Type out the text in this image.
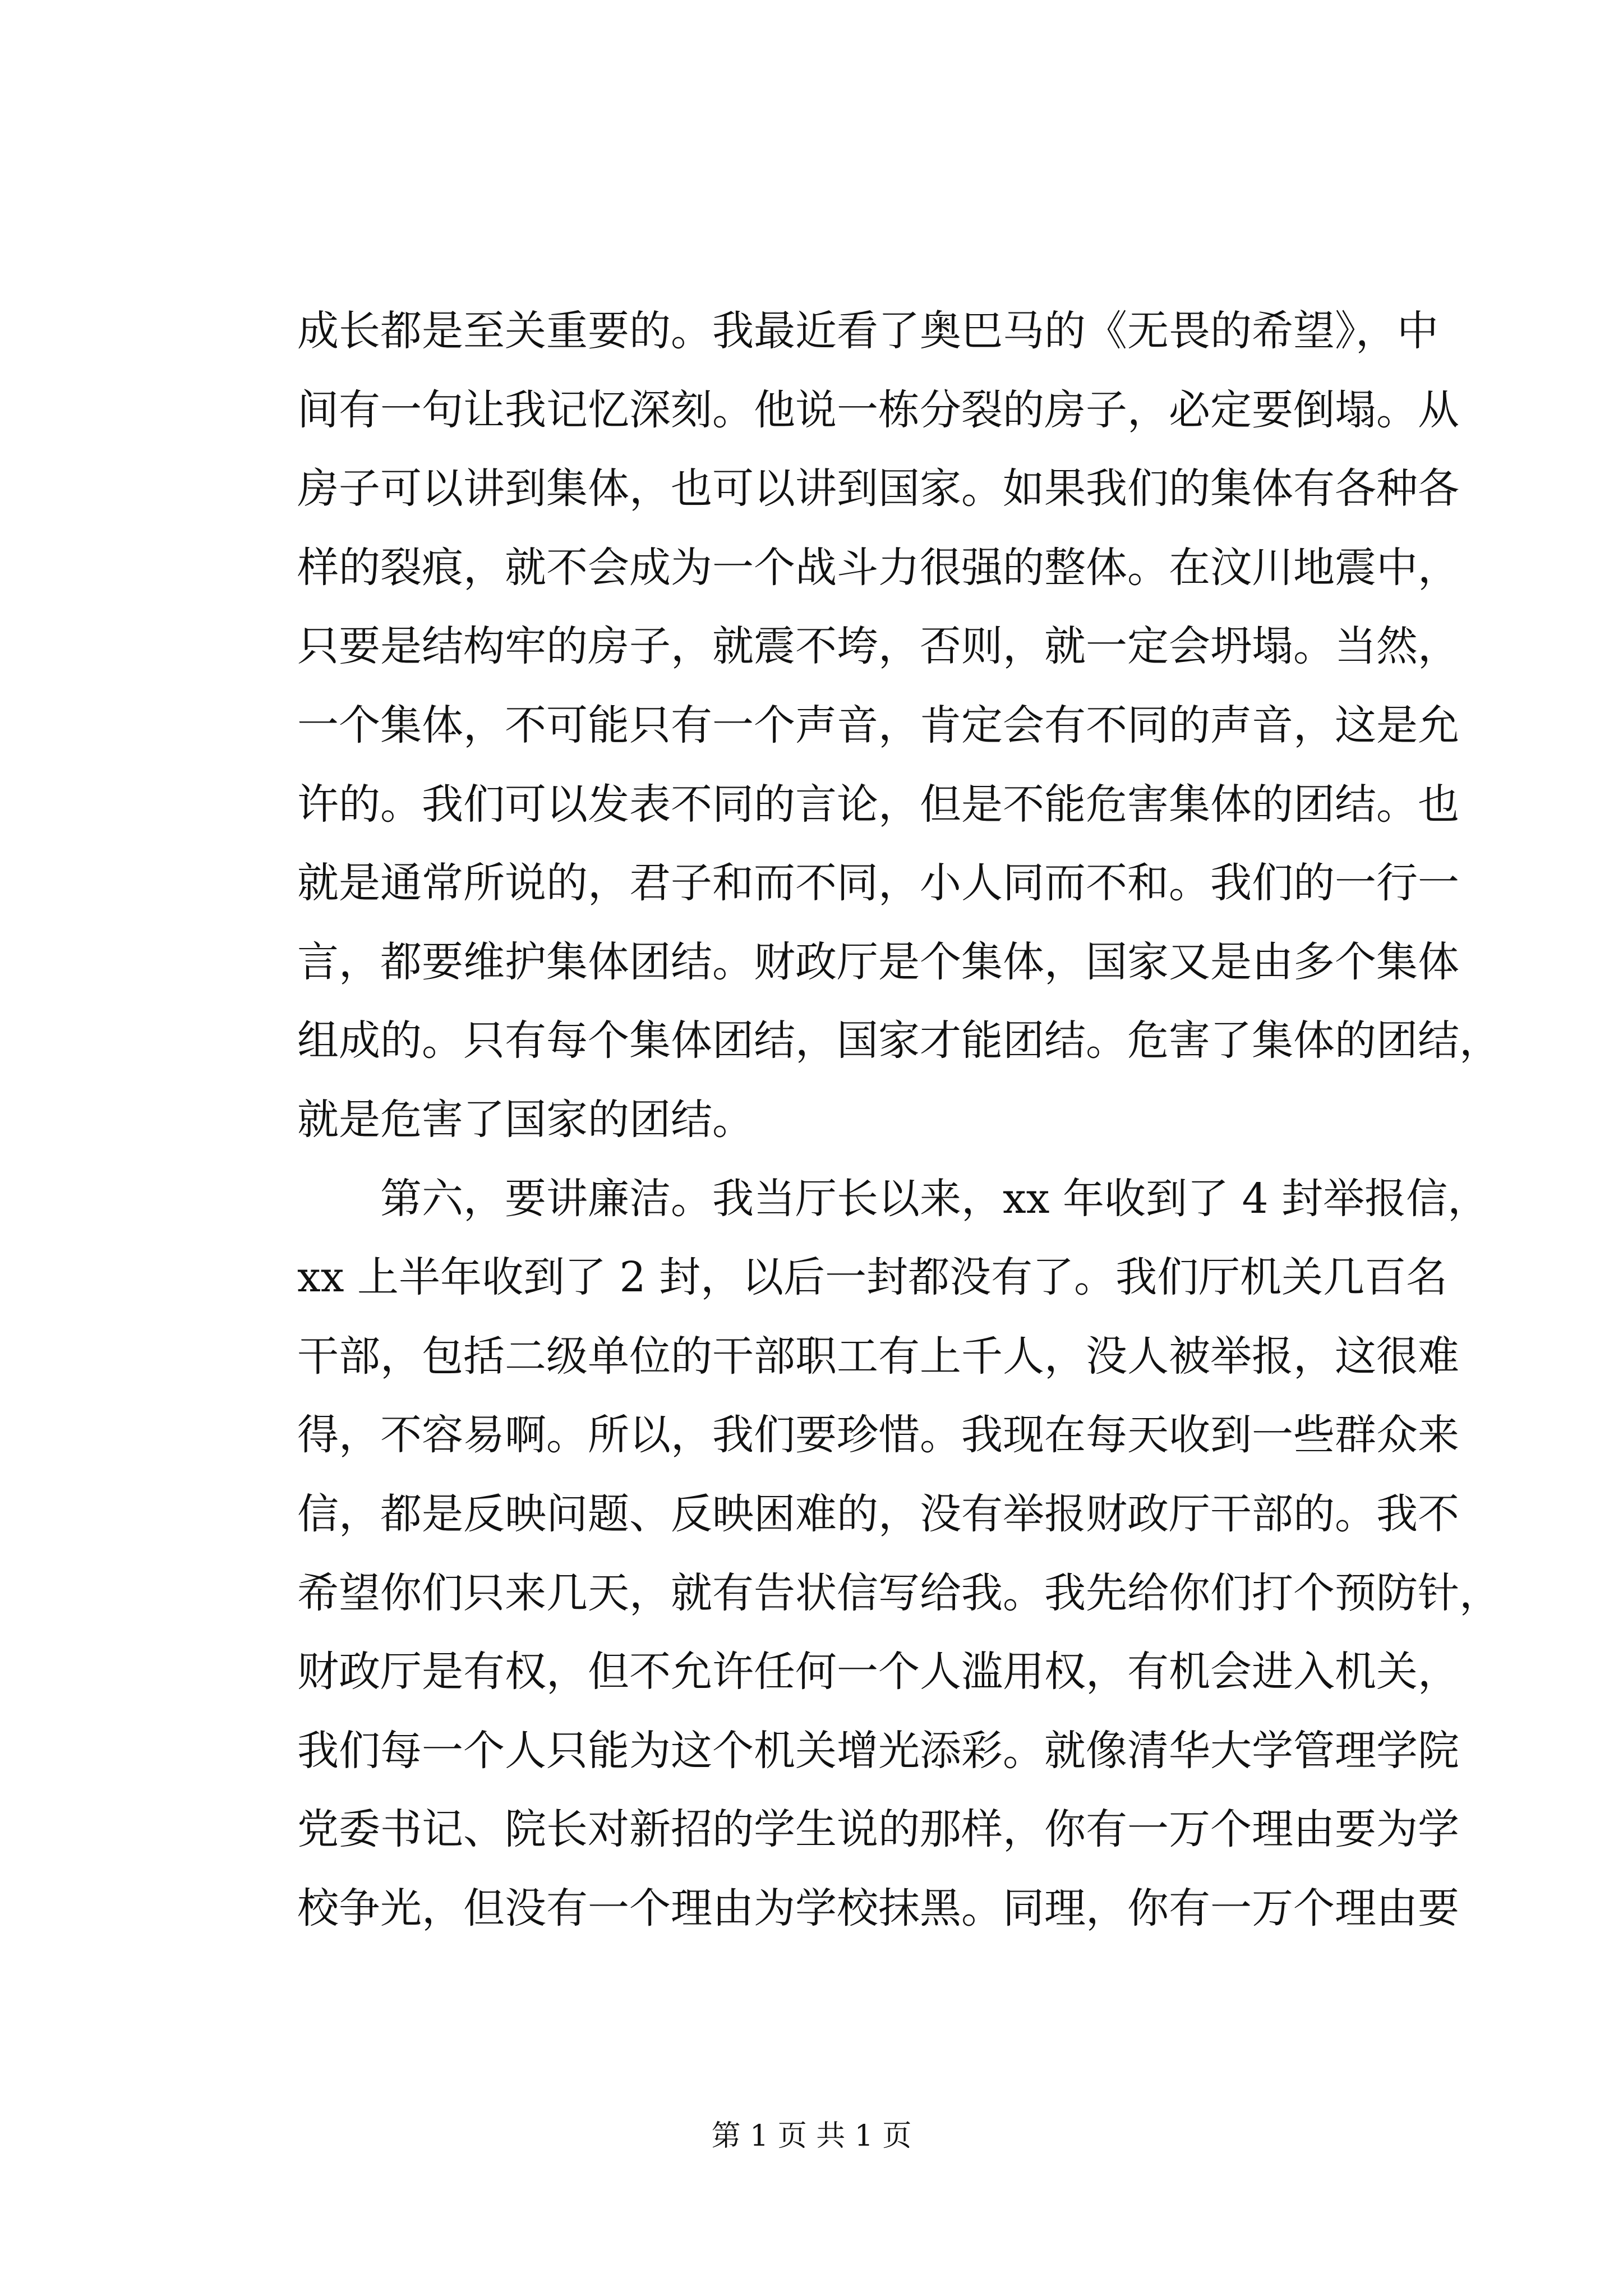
成长都是至关重要的。我最近看了奥巴马的《无畏的希望》，中
间有一句让我记忆深刻。他说一栋分裂的房子，必定要倒塌。从
房子可以讲到集体，也可以讲到国家。如果我们的集体有各种各
样的裂痕，就不会成为一个战斗力很强的整体。在汶川地震中，
只要是结构牢的房子，就震不垮，否则，就一定会坍塌。当然，
一个集体，不可能只有一个声音，肯定会有不同的声音，这是允
许的。我们可以发表不同的言论，但是不能危害集体的团结。也
就是通常所说的，君子和而不同，小人同而不和。我们的一行一
言，都要维护集体团结。财政厅是个集体，国家又是由多个集体
组成的。只有每个集体团结，国家才能团结。危害了集体的团结，
就是危害了国家的团结。
第六，要讲廉洁。我当厅长以来，xx 年收到了 4 封举报信，
xx 上半年收到了 2 封，以后一封都没有了。我们厅机关几百名
干部，包括二级单位的干部职工有上千人，没人被举报，这很难
得，不容易啊。所以，我们要珍惜。我现在每天收到一些群众来
信，都是反映问题、反映困难的，没有举报财政厅干部的。我不
希望你们只来几天，就有告状信写给我。我先给你们打个预防针，
财政厅是有权，但不允许任何一个人滥用权，有机会进入机关，
我们每一个人只能为这个机关增光添彩。就像清华大学管理学院
党委书记、院长对新招的学生说的那样，你有一万个理由要为学
校争光，但没有一个理由为学校抹黑。同理，你有一万个理由要
第 1 页 共 1 页
